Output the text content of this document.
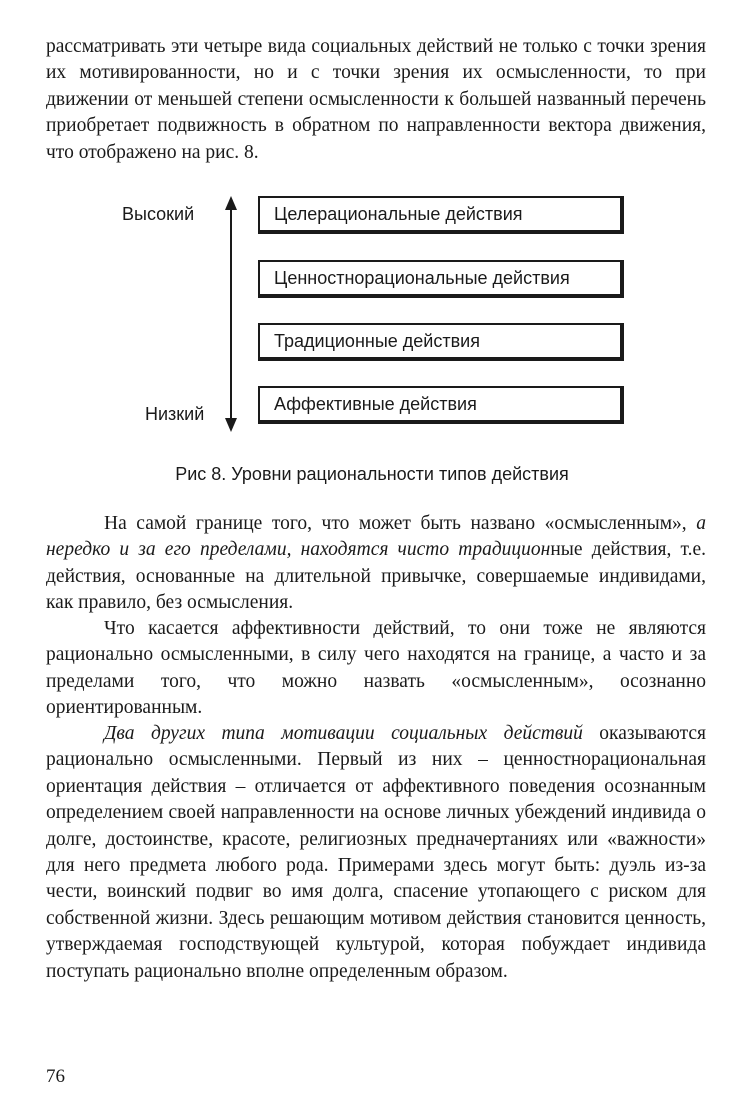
рассматривать эти четыре вида социальных действий не только с точки зрения их мотивированности, но и с точки зрения их осмысленности, то при движении от меньшей степени осмысленности к большей названный перечень приобретает подвижность в обратном по направленности вектора движения, что отображено на рис. 8.

Высокий
Низкий
Целерациональные действия
Ценностнорациональные действия
Традиционные действия
Аффективные действия
Рис 8. Уровни рациональности типов действия

На самой границе того, что может быть названо «осмысленным», а нередко и за его пределами, находятся чисто традиционные действия, т.е. действия, основанные на длительной привычке, совершаемые индивидами, как правило, без осмысления.

Что касается аффективности действий, то они тоже не являются рационально осмысленными, в силу чего находятся на границе, а часто и за пределами того, что можно назвать «осмысленным», осознанно ориентированным.

Два других типа мотивации социальных действий оказываются рационально осмысленными. Первый из них – ценностнорациональная ориентация действия – отличается от аффективного поведения осознанным определением своей направленности на основе личных убеждений индивида о долге, достоинстве, красоте, религиозных предначертаниях или «важности» для него предмета любого рода. Примерами здесь могут быть: дуэль из-за чести, воинский подвиг во имя долга, спасение утопающего с риском для собственной жизни. Здесь решающим мотивом действия становится ценность, утверждаемая господствующей культурой, которая побуждает индивида поступать рационально вполне определенным образом.

76
